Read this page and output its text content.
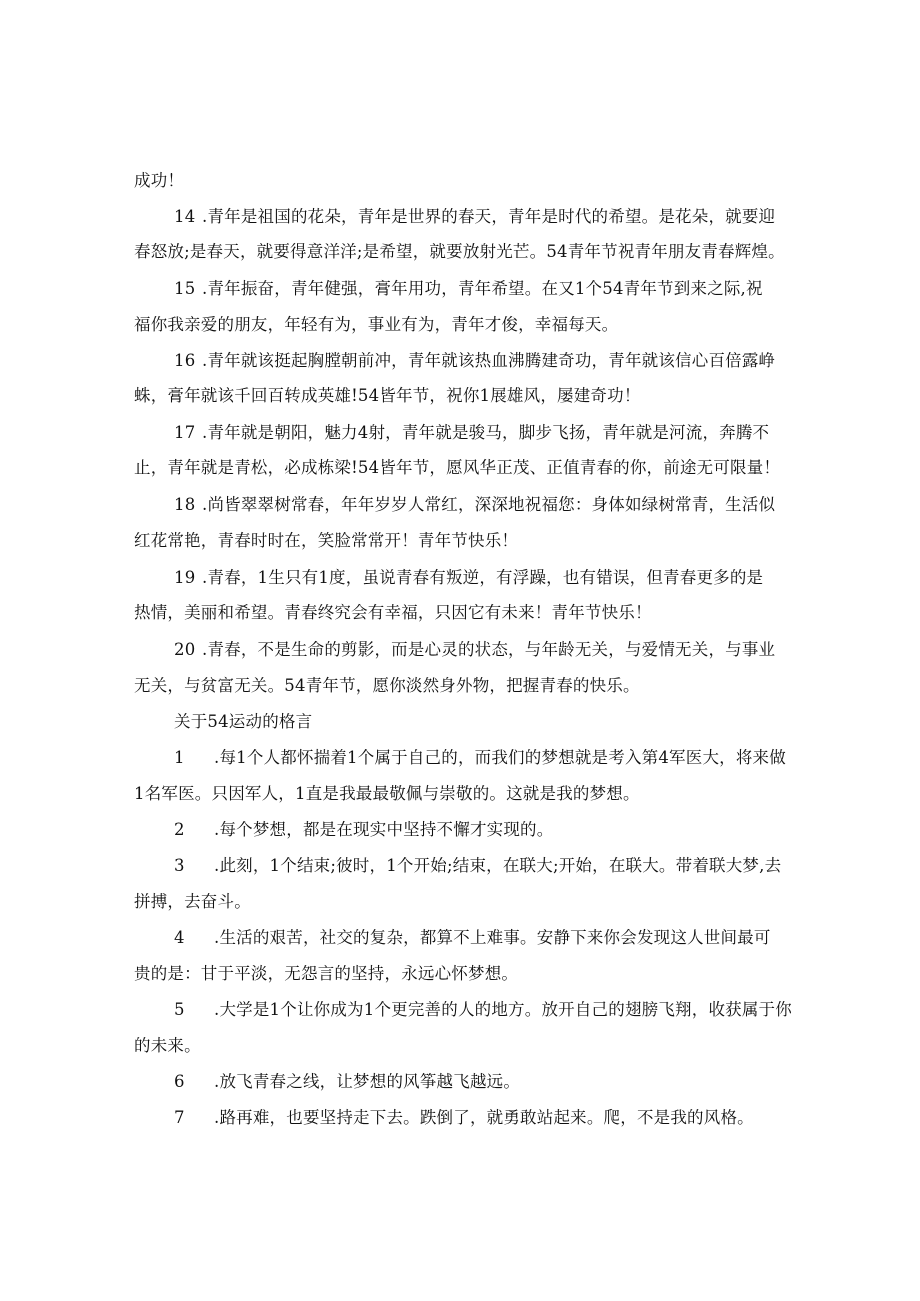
成功！
14 .青年是祖国的花朵，青年是世界的春天，青年是时代的希望。是花朵，就要迎
春怒放;是春天，就要得意洋洋;是希望，就要放射光芒。54青年节祝青年朋友青春辉煌。
15 .青年振奋，青年健强，膏年用功，青年希望。在又1个54青年节到来之际,祝
福你我亲爱的朋友，年轻有为，事业有为，青年才俊，幸福每天。
16 .青年就该挺起胸膛朝前冲，青年就该热血沸腾建奇功，青年就该信心百倍露峥
蛛，膏年就该千回百转成英雄!54皆年节，祝你1展雄风，屡建奇功！
17 .青年就是朝阳，魅力4射，青年就是骏马，脚步飞扬，青年就是河流，奔腾不
止，青年就是青松，必成栋梁!54皆年节，愿风华正茂、正值青春的你，前途无可限量！
18 .尚皆翠翠树常春，年年岁岁人常红，深深地祝福您：身体如绿树常青，生活似
红花常艳，青春时时在，笑脸常常开！青年节快乐！
19 .青春，1生只有1度，虽说青春有叛逆，有浮躁，也有错误，但青春更多的是
热情，美丽和希望。青春终究会有幸福，只因它有未来！青年节快乐！
20 .青春，不是生命的剪影，而是心灵的状态，与年龄无关，与爱情无关，与事业
无关，与贫富无关。54青年节，愿你淡然身外物，把握青春的快乐。
关于54运动的格言
1 .每1个人都怀揣着1个属于自己的，而我们的梦想就是考入第4军医大，将来做
1名军医。只因军人，1直是我最最敬佩与崇敬的。这就是我的梦想。
2 .每个梦想，都是在现实中坚持不懈才实现的。
3 .此刻，1个结束;彼时，1个开始;结束，在联大;开始，在联大。带着联大梦,去
拼搏，去奋斗。
4 .生活的艰苦，社交的复杂，都算不上难事。安静下来你会发现这人世间最可
贵的是：甘于平淡，无怨言的坚持，永远心怀梦想。
5 .大学是1个让你成为1个更完善的人的地方。放开自己的翅膀飞翔，收获属于你
的未来。
6 .放飞青春之线，让梦想的风筝越飞越远。
7 .路再难，也要坚持走下去。跌倒了，就勇敢站起来。爬，不是我的风格。
